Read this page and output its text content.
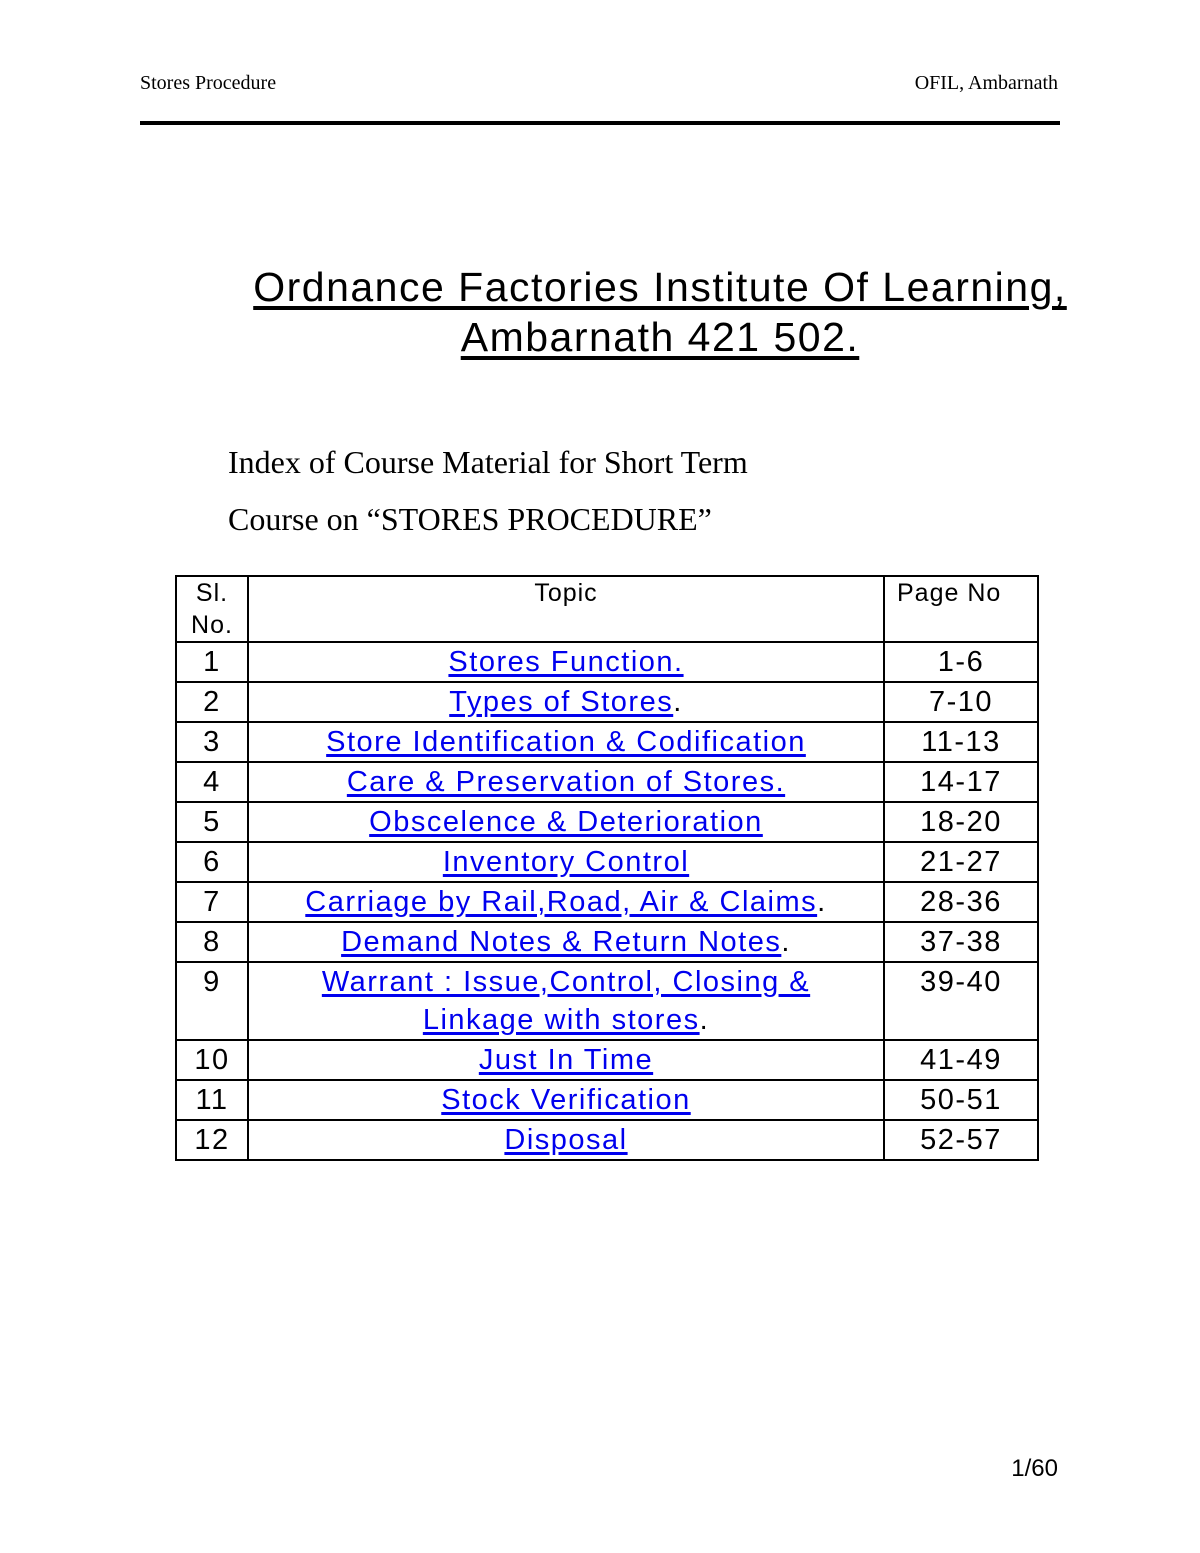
Stores Procedure	OFIL, Ambarnath
Ordnance Factories Institute Of Learning,
Ambarnath 421 502.
Index of Course Material for Short Term
Course on “STORES PROCEDURE”
Sl.
No.	Topic	Page No
1	Stores Function.	1-6
2	Types of Stores.	7-10
3	Store Identification & Codification	11-13
4	Care & Preservation of Stores.	14-17
5	Obscelence & Deterioration	18-20
6	Inventory Control	21-27
7	Carriage by Rail,Road, Air & Claims.	28-36
8	Demand Notes & Return Notes.	37-38
9	Warrant : Issue,Control, Closing &
Linkage with stores.	39-40
10	Just In Time	41-49
11	Stock Verification	50-51
12	Disposal	52-57
1/60
